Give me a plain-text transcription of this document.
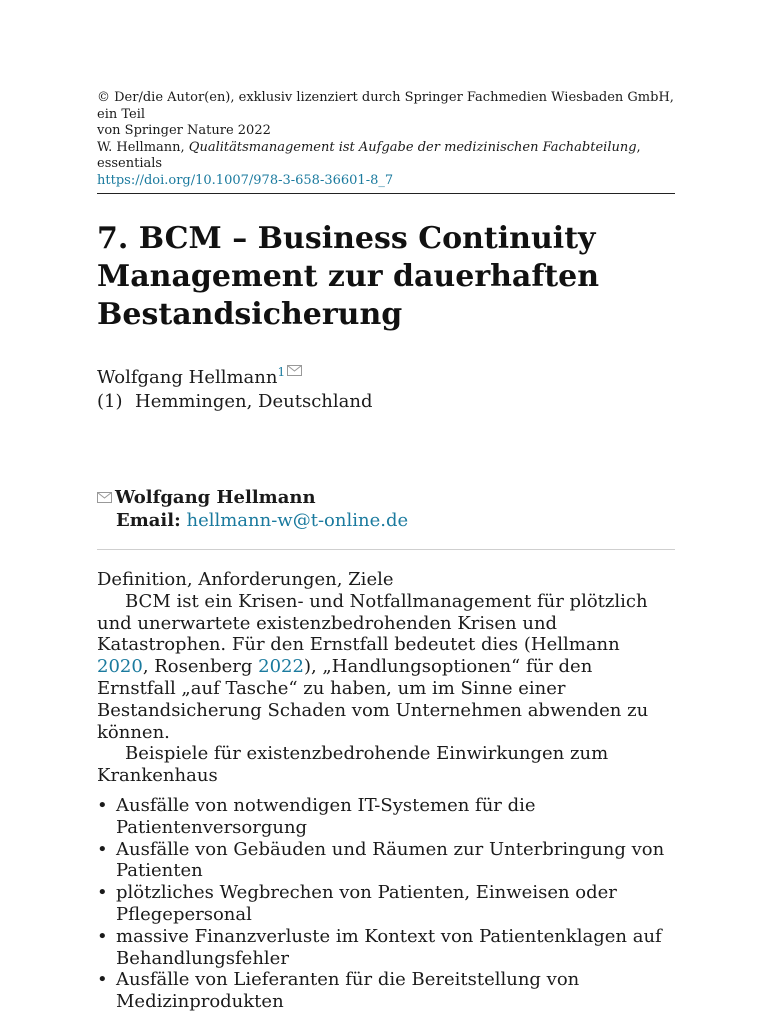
© Der/die Autor(en), exklusiv lizenziert durch Springer Fachmedien Wiesbaden GmbH, ein Teil
von Springer Nature 2022
W. Hellmann, Qualitätsmanagement ist Aufgabe der medizinischen Fachabteilung, essentials
https://doi.org/10.1007/978-3-658-36601-8_7
7. BCM – Business Continuity
Management zur dauerhaften
Bestandsicherung
Wolfgang Hellmann$^1$
(1) Hemmingen, Deutschland
Wolfgang Hellmann
Email: hellmann-w@t-online.de
Definition, Anforderungen, Ziele
BCM ist ein Krisen- und Notfallmanagement für plötzlich und unerwartete existenzbedrohenden Krisen und Katastrophen. Für den Ernstfall bedeutet dies (Hellmann 2020, Rosenberg 2022), „Handlungsoptionen“ für den Ernstfall „auf Tasche“ zu haben, um im Sinne einer Bestandsicherung Schaden vom Unternehmen abwenden zu können.
Beispiele für existenzbedrohende Einwirkungen zum Krankenhaus
• Ausfälle von notwendigen IT-Systemen für die Patientenversorgung
• Ausfälle von Gebäuden und Räumen zur Unterbringung von Patienten
• plötzliches Wegbrechen von Patienten, Einweisen oder Pflegepersonal
• massive Finanzverluste im Kontext von Patientenklagen auf Behandlungsfehler
• Ausfälle von Lieferanten für die Bereitstellung von Medizinprodukten
